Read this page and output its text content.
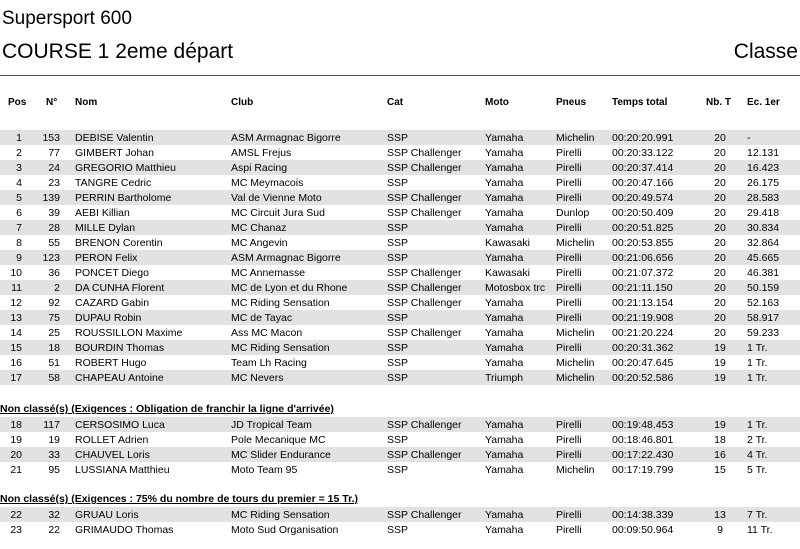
Supersport 600
COURSE 1 2eme départ	Classe
Pos N° Nom	Club	Cat	Moto	Pneus	Temps total	Nb. T Ec. 1er
1	153 DEBISE Valentin	ASM Armagnac Bigorre	SSP	Yamaha	Michelin	00:20:20.991	20	-
2	77 GIMBERT Johan	AMSL Frejus	SSP Challenger	Yamaha	Pirelli	00:20:33.122	20	12.131
3	24 GREGORIO Matthieu	Aspi Racing	SSP Challenger	Yamaha	Pirelli	00:20:37.414	20	16.423
4	23 TANGRE Cedric	MC Meymacois	SSP	Yamaha	Pirelli	00:20:47.166	20	26.175
5	139 PERRIN Bartholome	Val de Vienne Moto	SSP Challenger	Yamaha	Pirelli	00:20:49.574	20	28.583
6	39 AEBI Killian	MC Circuit Jura Sud	SSP Challenger	Yamaha	Dunlop	00:20:50.409	20	29.418
7	28 MILLE Dylan	MC Chanaz	SSP	Yamaha	Pirelli	00:20:51.825	20	30.834
8	55 BRENON Corentin	MC Angevin	SSP	Kawasaki	Michelin	00:20:53.855	20	32.864
9	123 PERON Felix	ASM Armagnac Bigorre	SSP	Yamaha	Pirelli	00:21:06.656	20	45.665
10	36 PONCET Diego	MC Annemasse	SSP Challenger	Kawasaki	Pirelli	00:21:07.372	20	46.381
11	2 DA CUNHA Florent	MC de Lyon et du Rhone	SSP Challenger	Motosbox trc	Pirelli	00:21:11.150	20	50.159
12	92 CAZARD Gabin	MC Riding Sensation	SSP Challenger	Yamaha	Pirelli	00:21:13.154	20	52.163
13	75 DUPAU Robin	MC de Tayac	SSP	Yamaha	Pirelli	00:21:19.908	20	58.917
14	25 ROUSSILLON Maxime	Ass MC Macon	SSP Challenger	Yamaha	Michelin	00:21:20.224	20	59.233
15	18 BOURDIN Thomas	MC Riding Sensation	SSP	Yamaha	Pirelli	00:20:31.362	19	1 Tr.
16	51 ROBERT Hugo	Team Lh Racing	SSP	Yamaha	Michelin	00:20:47.645	19	1 Tr.
17	58 CHAPEAU Antoine	MC Nevers	SSP	Triumph	Michelin	00:20:52.586	19	1 Tr.
Non classé(s) (Exigences : Obligation de franchir la ligne d'arrivée)
18	117 CERSOSIMO Luca	JD Tropical Team	SSP Challenger	Yamaha	Pirelli	00:19:48.453	19	1 Tr.
19	19 ROLLET Adrien	Pole Mecanique MC	SSP	Yamaha	Pirelli	00:18:46.801	18	2 Tr.
20	33 CHAUVEL Loris	MC Slider Endurance	SSP Challenger	Yamaha	Pirelli	00:17:22.430	16	4 Tr.
21	95 LUSSIANA Matthieu	Moto Team 95	SSP	Yamaha	Michelin	00:17:19.799	15	5 Tr.
Non classé(s) (Exigences : 75% du nombre de tours du premier = 15 Tr.)
22	32 GRUAU Loris	MC Riding Sensation	SSP Challenger	Yamaha	Pirelli	00:14:38.339	13	7 Tr.
23	22 GRIMAUDO Thomas	Moto Sud Organisation	SSP	Yamaha	Pirelli	00:09:50.964	9	11 Tr.
